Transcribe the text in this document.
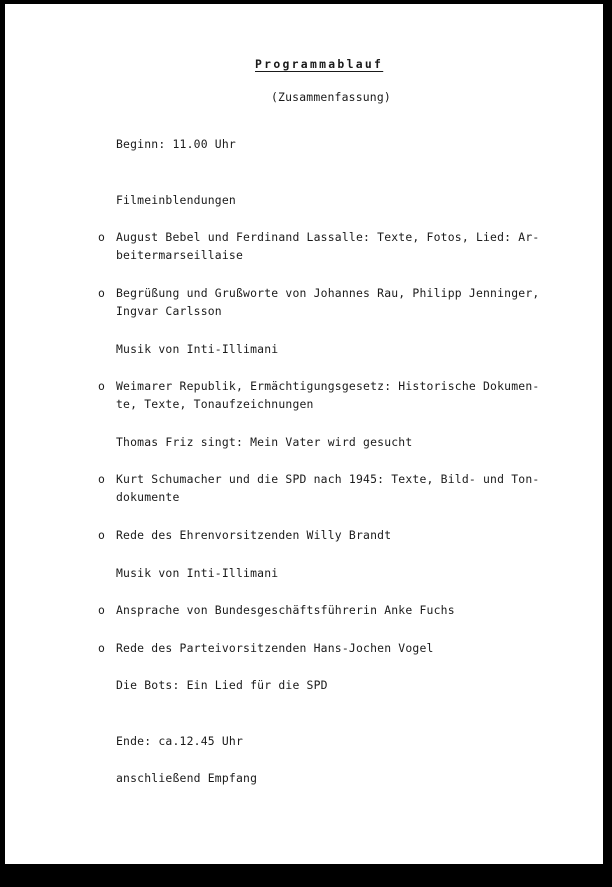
Programmablauf
(Zusammenfassung)
Beginn: 11.00 Uhr
Filmeinblendungen
o August Bebel und Ferdinand Lassalle: Texte, Fotos, Lied: Ar-
beitermarseillaise
o Begrüßung und Grußworte von Johannes Rau, Philipp Jenninger,
Ingvar Carlsson
Musik von Inti-Illimani
o Weimarer Republik, Ermächtigungsgesetz: Historische Dokumen-
te, Texte, Tonaufzeichnungen
Thomas Friz singt: Mein Vater wird gesucht
o Kurt Schumacher und die SPD nach 1945: Texte, Bild- und Ton-
dokumente
o Rede des Ehrenvorsitzenden Willy Brandt
Musik von Inti-Illimani
o Ansprache von Bundesgeschäftsführerin Anke Fuchs
o Rede des Parteivorsitzenden Hans-Jochen Vogel
Die Bots: Ein Lied für die SPD
Ende: ca.12.45 Uhr
anschließend Empfang
